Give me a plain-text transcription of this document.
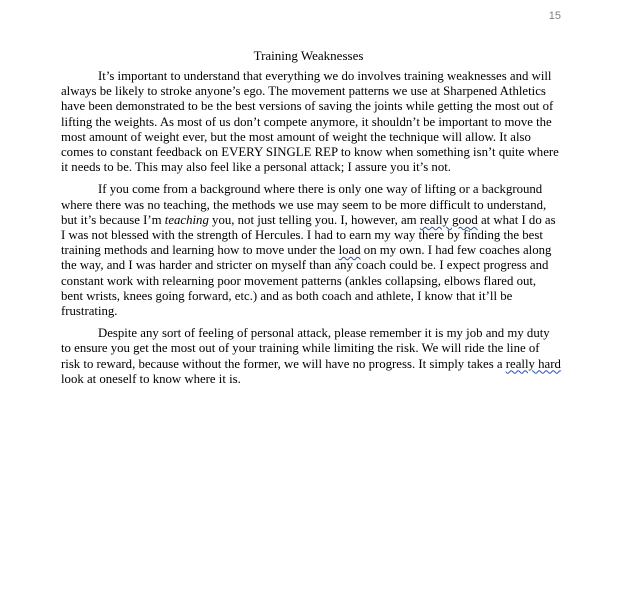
15
Training Weaknesses

It’s important to understand that everything we do involves training weaknesses and will always be likely to stroke anyone’s ego. The movement patterns we use at Sharpened Athletics have been demonstrated to be the best versions of saving the joints while getting the most out of lifting the weights. As most of us don’t compete anymore, it shouldn’t be important to move the most amount of weight ever, but the most amount of weight the technique will allow. It also comes to constant feedback on EVERY SINGLE REP to know when something isn’t quite where it needs to be. This may also feel like a personal attack; I assure you it’s not.

If you come from a background where there is only one way of lifting or a background where there was no teaching, the methods we use may seem to be more difficult to understand, but it’s because I’m teaching you, not just telling you. I, however, am really good at what I do as I was not blessed with the strength of Hercules. I had to earn my way there by finding the best training methods and learning how to move under the load on my own. I had few coaches along the way, and I was harder and stricter on myself than any coach could be. I expect progress and constant work with relearning poor movement patterns (ankles collapsing, elbows flared out, bent wrists, knees going forward, etc.) and as both coach and athlete, I know that it’ll be frustrating.

Despite any sort of feeling of personal attack, please remember it is my job and my duty to ensure you get the most out of your training while limiting the risk. We will ride the line of risk to reward, because without the former, we will have no progress. It simply takes a really hard look at oneself to know where it is.
